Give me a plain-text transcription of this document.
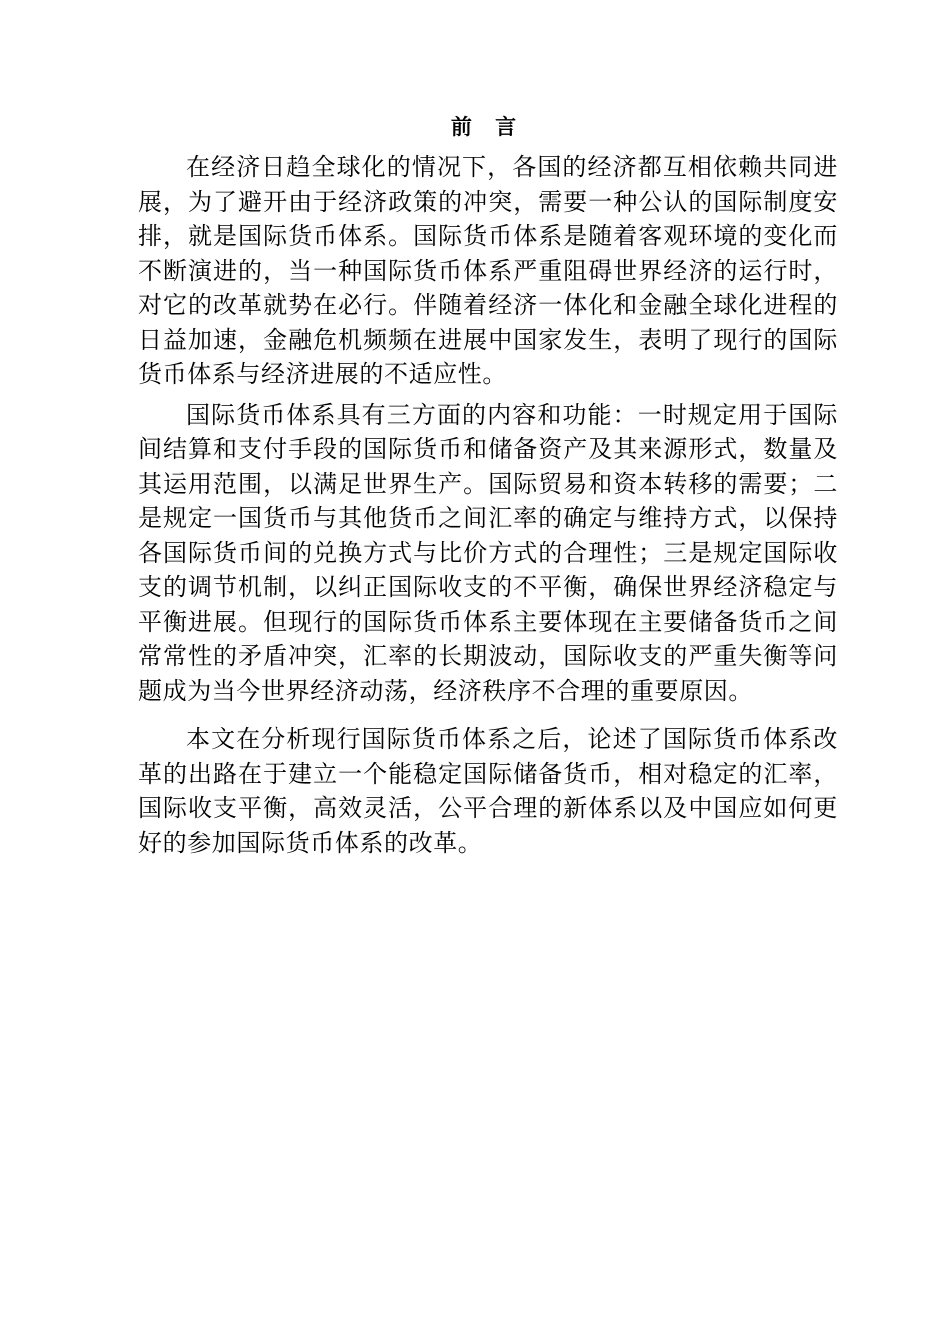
前 言

在经济日趋全球化的情况下，各国的经济都互相依赖共同进展，为了避开由于经济政策的冲突，需要一种公认的国际制度安排，就是国际货币体系。国际货币体系是随着客观环境的变化而不断演进的，当一种国际货币体系严重阻碍世界经济的运行时，对它的改革就势在必行。伴随着经济一体化和金融全球化进程的日益加速，金融危机频频在进展中国家发生，表明了现行的国际货币体系与经济进展的不适应性。

国际货币体系具有三方面的内容和功能：一时规定用于国际间结算和支付手段的国际货币和储备资产及其来源形式，数量及其运用范围，以满足世界生产。国际贸易和资本转移的需要；二是规定一国货币与其他货币之间汇率的确定与维持方式，以保持各国际货币间的兑换方式与比价方式的合理性；三是规定国际收支的调节机制，以纠正国际收支的不平衡，确保世界经济稳定与平衡进展。但现行的国际货币体系主要体现在主要储备货币之间常常性的矛盾冲突，汇率的长期波动，国际收支的严重失衡等问题成为当今世界经济动荡，经济秩序不合理的重要原因。

本文在分析现行国际货币体系之后，论述了国际货币体系改革的出路在于建立一个能稳定国际储备货币，相对稳定的汇率，国际收支平衡，高效灵活，公平合理的新体系以及中国应如何更好的参加国际货币体系的改革。
